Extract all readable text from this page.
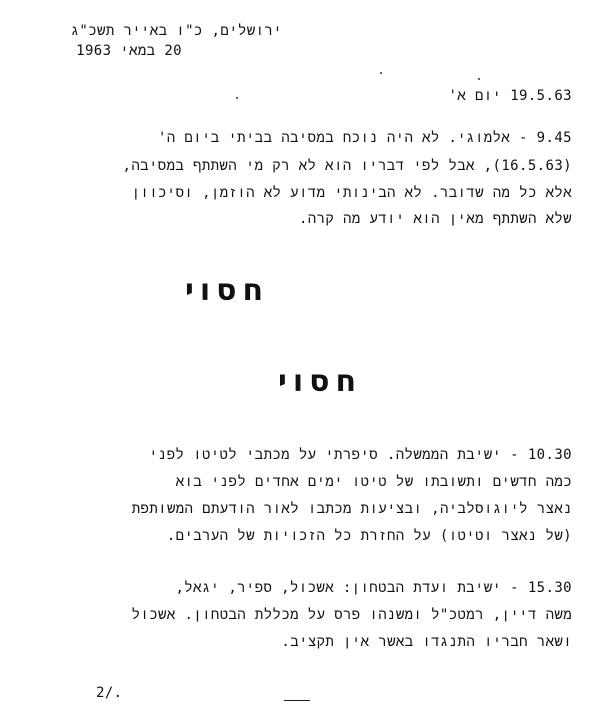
ירושלים, כ"ו באייר תשכ"ג
20 במאי 1963
19.5.63 יום א'
9.45 - אלמוגי. לא היה נוכח במסיבה בביתי ביום ה'
(16.5.63), אבל לפי דבריו הוא לא רק מי השתתף במסיבה,
אלא כל מה שדובר. לא הבינותי מדוע לא הוזמן, וסיכוון
שלא השתתף מאין הוא יודע מה קרה.
חסוי
חסוי
10.30 - ישיבת הממשלה. סיפרתי על מכתבי לטיטו לפני
כמה חדשים ותשובתו של טיטו ימים אחדים לפני בוא
נאצר ליוגוסלביה, ובציעות מכתבו לאור הודעתם המשותפת
(של נאצר וטיטו) על החזרת כל הזכויות של הערבים.
15.30 - ישיבת ועדת הבטחון: אשכול, ספיר, יגאל,
משה דיין, רמטכ"ל ומשנהו פרס על מכללת הבטחון. אשכול
ושאר חבריו התנגדו באשר אין תקציב.
2/.
